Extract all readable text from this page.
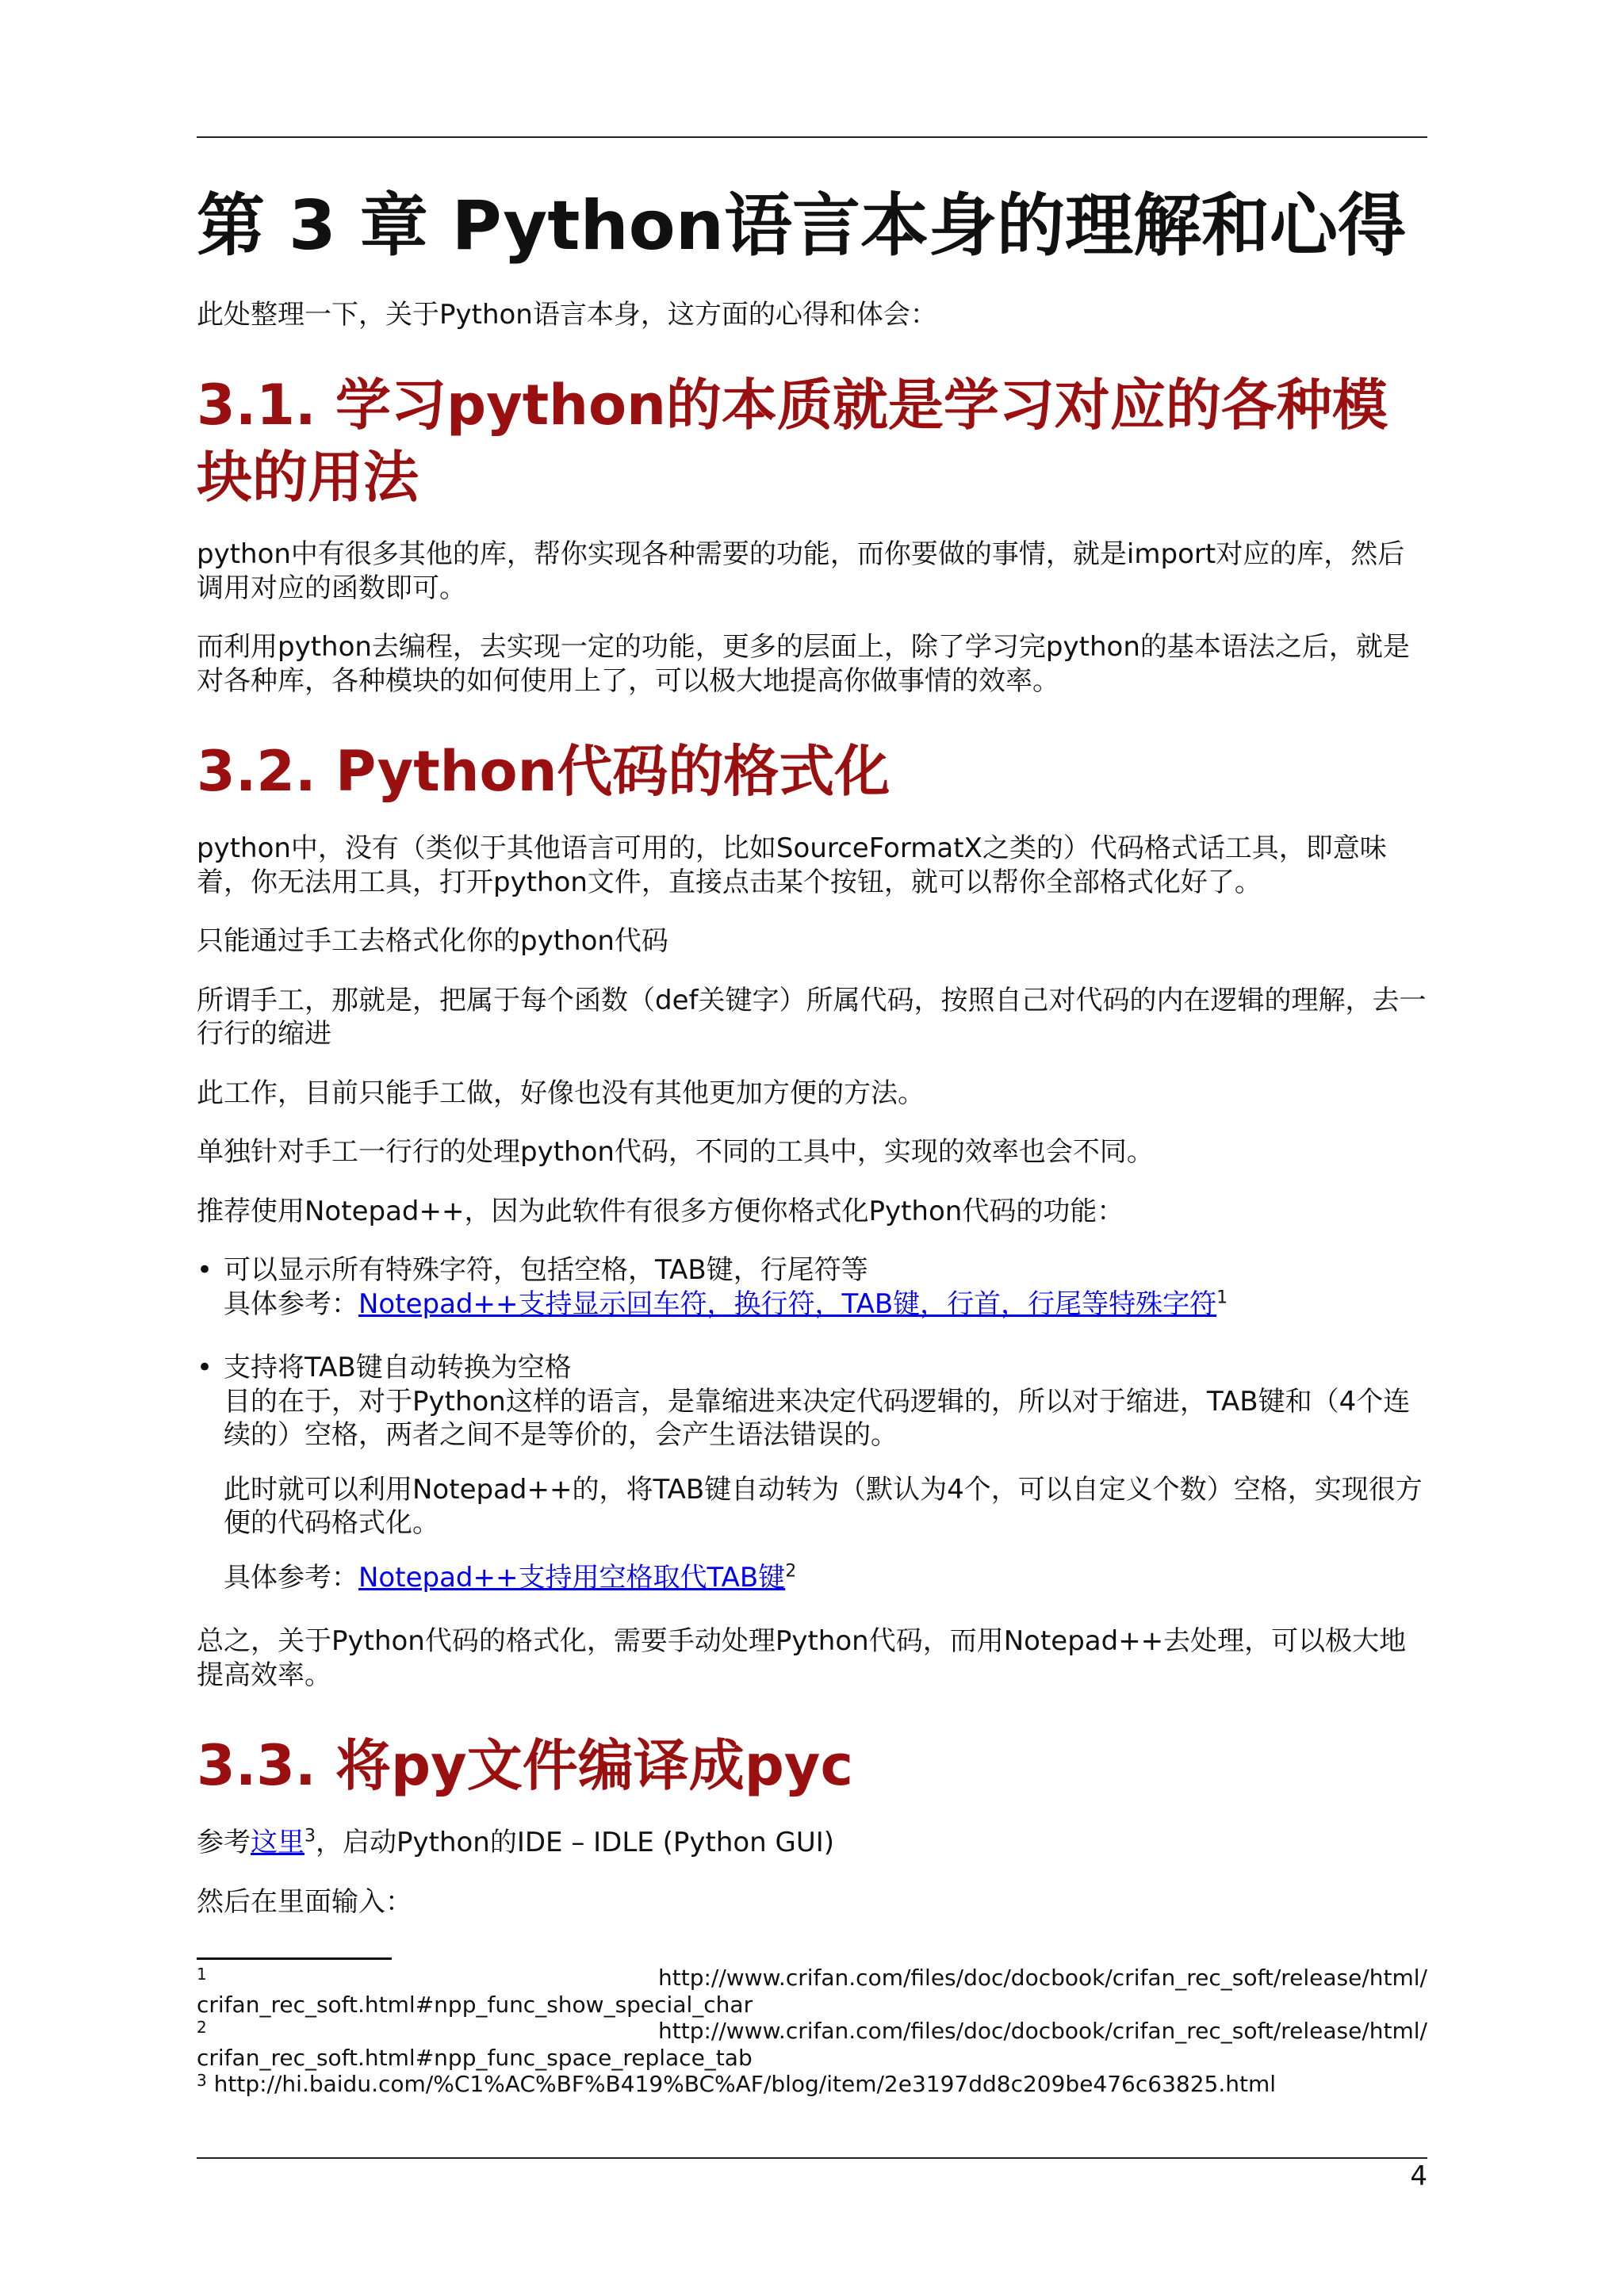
第 3 章 Python语言本身的理解和心得

此处整理一下，关于Python语言本身，这方面的心得和体会：

3.1. 学习python的本质就是学习对应的各种模块的用法

python中有很多其他的库，帮你实现各种需要的功能，而你要做的事情，就是import对应的库，然后调用对应的函数即可。

而利用python去编程，去实现一定的功能，更多的层面上，除了学习完python的基本语法之后，就是对各种库，各种模块的如何使用上了，可以极大地提高你做事情的效率。

3.2. Python代码的格式化

python中，没有（类似于其他语言可用的，比如SourceFormatX之类的）代码格式话工具，即意味着，你无法用工具，打开python文件，直接点击某个按钮，就可以帮你全部格式化好了。

只能通过手工去格式化你的python代码

所谓手工，那就是，把属于每个函数（def关键字）所属代码，按照自己对代码的内在逻辑的理解，去一行行的缩进

此工作，目前只能手工做，好像也没有其他更加方便的方法。

单独针对手工一行行的处理python代码，不同的工具中，实现的效率也会不同。

推荐使用Notepad++，因为此软件有很多方便你格式化Python代码的功能：

• 可以显示所有特殊字符，包括空格，TAB键，行尾符等
具体参考：Notepad++支持显示回车符，换行符，TAB键，行首，行尾等特殊字符$^1$
• 支持将TAB键自动转换为空格

目的在于，对于Python这样的语言，是靠缩进来决定代码逻辑的，所以对于缩进，TAB键和（4个连续的）空格，两者之间不是等价的，会产生语法错误的。

此时就可以利用Notepad++的，将TAB键自动转为（默认为4个，可以自定义个数）空格，实现很方便的代码格式化。

具体参考：Notepad++支持用空格取代TAB键$^2$

总之，关于Python代码的格式化，需要手动处理Python代码，而用Notepad++去处理，可以极大地提高效率。

3.3. 将py文件编译成pyc

参考这里$^3$，启动Python的IDE – IDLE (Python GUI)

然后在里面输入：

1	http://www.crifan.com/files/doc/docbook/crifan_rec_soft/release/html/
crifan_rec_soft.html#npp_func_show_special_char
2	http://www.crifan.com/files/doc/docbook/crifan_rec_soft/release/html/
crifan_rec_soft.html#npp_func_space_replace_tab
$^3$ http://hi.baidu.com/%C1%AC%BF%B419%BC%AF/blog/item/2e3197dd8c209be476c63825.html
4
